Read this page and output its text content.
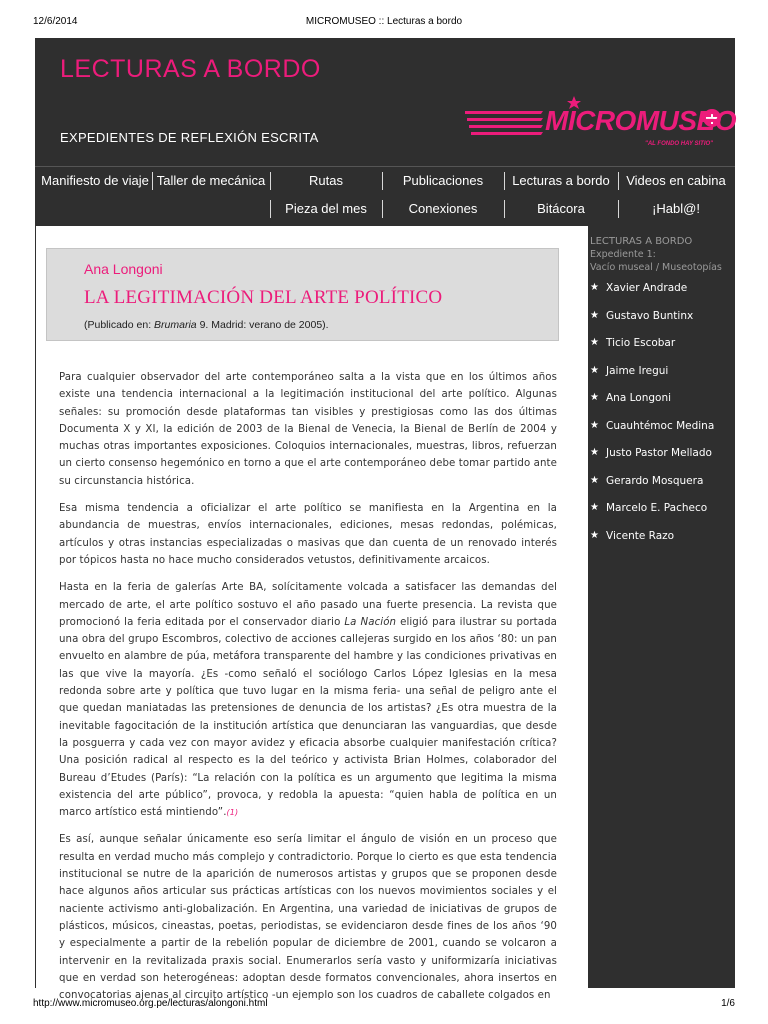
12/6/2014	MICROMUSEO :: Lecturas a bordo
LECTURAS A BORDO
EXPEDIENTES DE REFLEXIÓN ESCRITA
MICROMUSEO
"AL FONDO HAY SITIO"
Manifiesto de viaje Taller de mecánica	Rutas	Publicaciones	Lecturas a bordo	Videos en cabina
Pieza del mes	Conexiones	Bitácora	¡Habl@!
Ana Longoni
LA LEGITIMACIÓN DEL ARTE POLÍTICO
(Publicado en: Brumaria 9. Madrid: verano de 2005).

Para cualquier observador del arte contemporáneo salta a la vista que en los últimos años existe una tendencia internacional a la legitimación institucional del arte político. Algunas señales: su promoción desde plataformas tan visibles y prestigiosas como las dos últimas Documenta X y XI, la edición de 2003 de la Bienal de Venecia, la Bienal de Berlín de 2004 y muchas otras importantes exposiciones. Coloquios internacionales, muestras, libros, refuerzan un cierto consenso hegemónico en torno a que el arte contemporáneo debe tomar partido ante su circunstancia histórica.

Esa misma tendencia a oficializar el arte político se manifiesta en la Argentina en la abundancia de muestras, envíos internacionales, ediciones, mesas redondas, polémicas, artículos y otras instancias especializadas o masivas que dan cuenta de un renovado interés por tópicos hasta no hace mucho considerados vetustos, definitivamente arcaicos.

Hasta en la feria de galerías Arte BA, solícitamente volcada a satisfacer las demandas del mercado de arte, el arte político sostuvo el año pasado una fuerte presencia. La revista que promocionó la feria editada por el conservador diario La Nación eligió para ilustrar su portada una obra del grupo Escombros, colectivo de acciones callejeras surgido en los años ‘80: un pan envuelto en alambre de púa, metáfora transparente del hambre y las condiciones privativas en las que vive la mayoría. ¿Es -como señaló el sociólogo Carlos López Iglesias en la mesa redonda sobre arte y política que tuvo lugar en la misma feria- una señal de peligro ante el que quedan maniatadas las pretensiones de denuncia de los artistas? ¿Es otra muestra de la inevitable fagocitación de la institución artística que denunciaran las vanguardias, que desde la posguerra y cada vez con mayor avidez y eficacia absorbe cualquier manifestación crítica? Una posición radical al respecto es la del teórico y activista Brian Holmes, colaborador del Bureau d’Etudes (París): “La relación con la política es un argumento que legitima la misma existencia del arte público”, provoca, y redobla la apuesta: “quien habla de política en un marco artístico está mintiendo”.(1)

Es así, aunque señalar únicamente eso sería limitar el ángulo de visión en un proceso que resulta en verdad mucho más complejo y contradictorio. Porque lo cierto es que esta tendencia institucional se nutre de la aparición de numerosos artistas y grupos que se proponen desde hace algunos años articular sus prácticas artísticas con los nuevos movimientos sociales y el naciente activismo anti-globalización. En Argentina, una variedad de iniciativas de grupos de plásticos, músicos, cineastas, poetas, periodistas, se evidenciaron desde fines de los años ‘90 y especialmente a partir de la rebelión popular de diciembre de 2001, cuando se volcaron a intervenir en la revitalizada praxis social. Enumerarlos sería vasto y uniformizaría iniciativas que en verdad son heterogéneas: adoptan desde formatos convencionales, ahora insertos en convocatorias ajenas al circuito artístico -un ejemplo son los cuadros de caballete colgados en

LECTURAS A BORDO
Expediente 1:
Vacío museal / Museotopías
★ Xavier Andrade
★ Gustavo Buntinx
★ Ticio Escobar
★ Jaime Iregui
★ Ana Longoni
★ Cuauhtémoc Medina
★ Justo Pastor Mellado
★ Gerardo Mosquera
★ Marcelo E. Pacheco
★ Vicente Razo
http://www.micromuseo.org.pe/lecturas/alongoni.html	1/6
